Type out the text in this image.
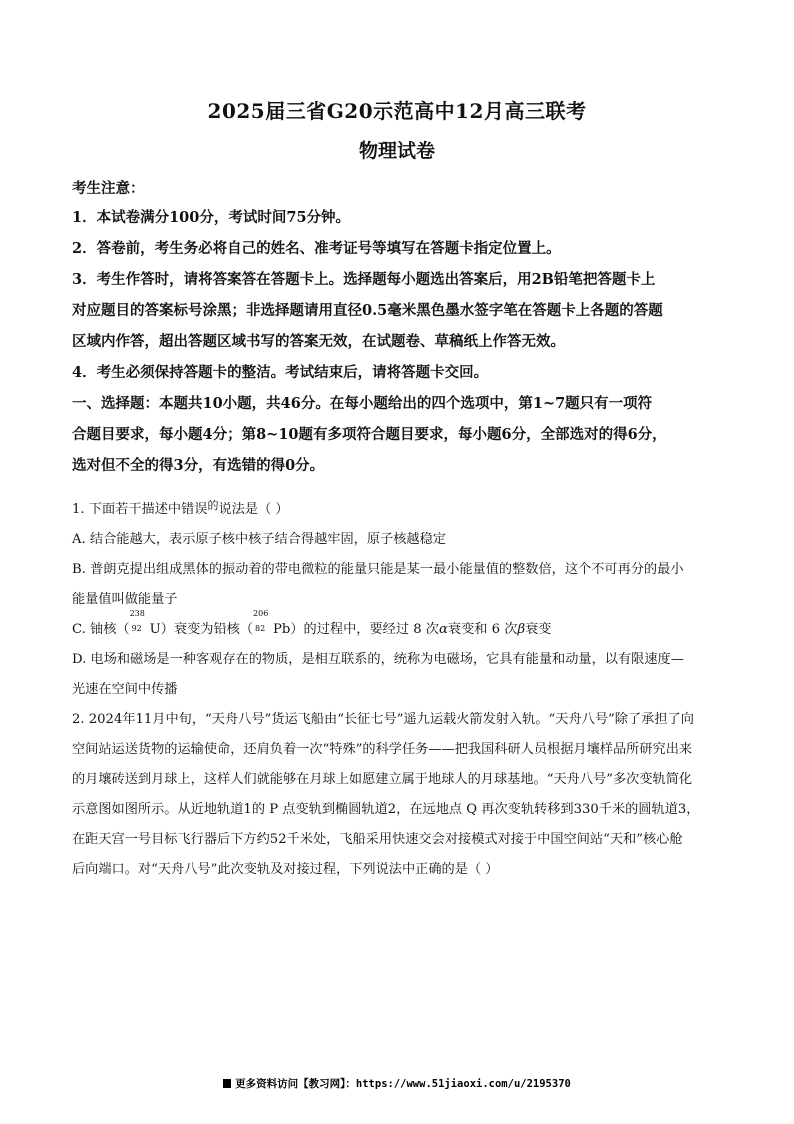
2025届三省G20示范高中12月高三联考
物理试卷
考生注意：
1．本试卷满分100分，考试时间75分钟。
2．答卷前，考生务必将自己的姓名、准考证号等填写在答题卡指定位置上。
3．考生作答时，请将答案答在答题卡上。选择题每小题选出答案后，用2B铅笔把答题卡上
对应题目的答案标号涂黑；非选择题请用直径0.5毫米黑色墨水签字笔在答题卡上各题的答题
区域内作答，超出答题区域书写的答案无效，在试题卷、草稿纸上作答无效。
4．考生必须保持答题卡的整洁。考试结束后，请将答题卡交回。
一、选择题：本题共10小题，共46分。在每小题给出的四个选项中，第1~7题只有一项符
合题目要求，每小题4分；第8~10题有多项符合题目要求，每小题6分，全部选对的得6分，
选对但不全的得3分，有选错的得0分。
1. 下面若干描述中错误$^的$说法是（ ）
A. 结合能越大，表示原子核中核子结合得越牢固，原子核越稳定
B. 普朗克提出组成黑体的振动着的带电微粒的能量只能是某一最小能量值的整数倍，这个不可再分的最小
能量值叫做能量子
C. 铀核（
238
92 U）衰变为铅核（
206
82 Pb）的过程中，要经过 8 次α衰变和 6 次β衰变
D. 电场和磁场是一种客观存在的物质，是相互联系的，统称为电磁场，它具有能量和动量，以有限速度—
光速在空间中传播
2. 2024年11月中旬，“天舟八号”货运飞船由“长征七号”遥九运载火箭发射入轨。“天舟八号”除了承担了向
空间站运送货物的运输使命，还肩负着一次“特殊”的科学任务——把我国科研人员根据月壤样品所研究出来
的月壤砖送到月球上，这样人们就能够在月球上如愿建立属于地球人的月球基地。“天舟八号”多次变轨简化
示意图如图所示。从近地轨道1的 P 点变轨到椭圆轨道2，在远地点 Q 再次变轨转移到330千米的圆轨道3，
在距天宫一号目标飞行器后下方约52千米处，飞船采用快速交会对接模式对接于中国空间站“天和”核心舱
后向端口。对“天舟八号”此次变轨及对接过程，下列说法中正确的是（ ）
更多资料访问【教习网】：https://www.51jiaoxi.com/u/2195370
